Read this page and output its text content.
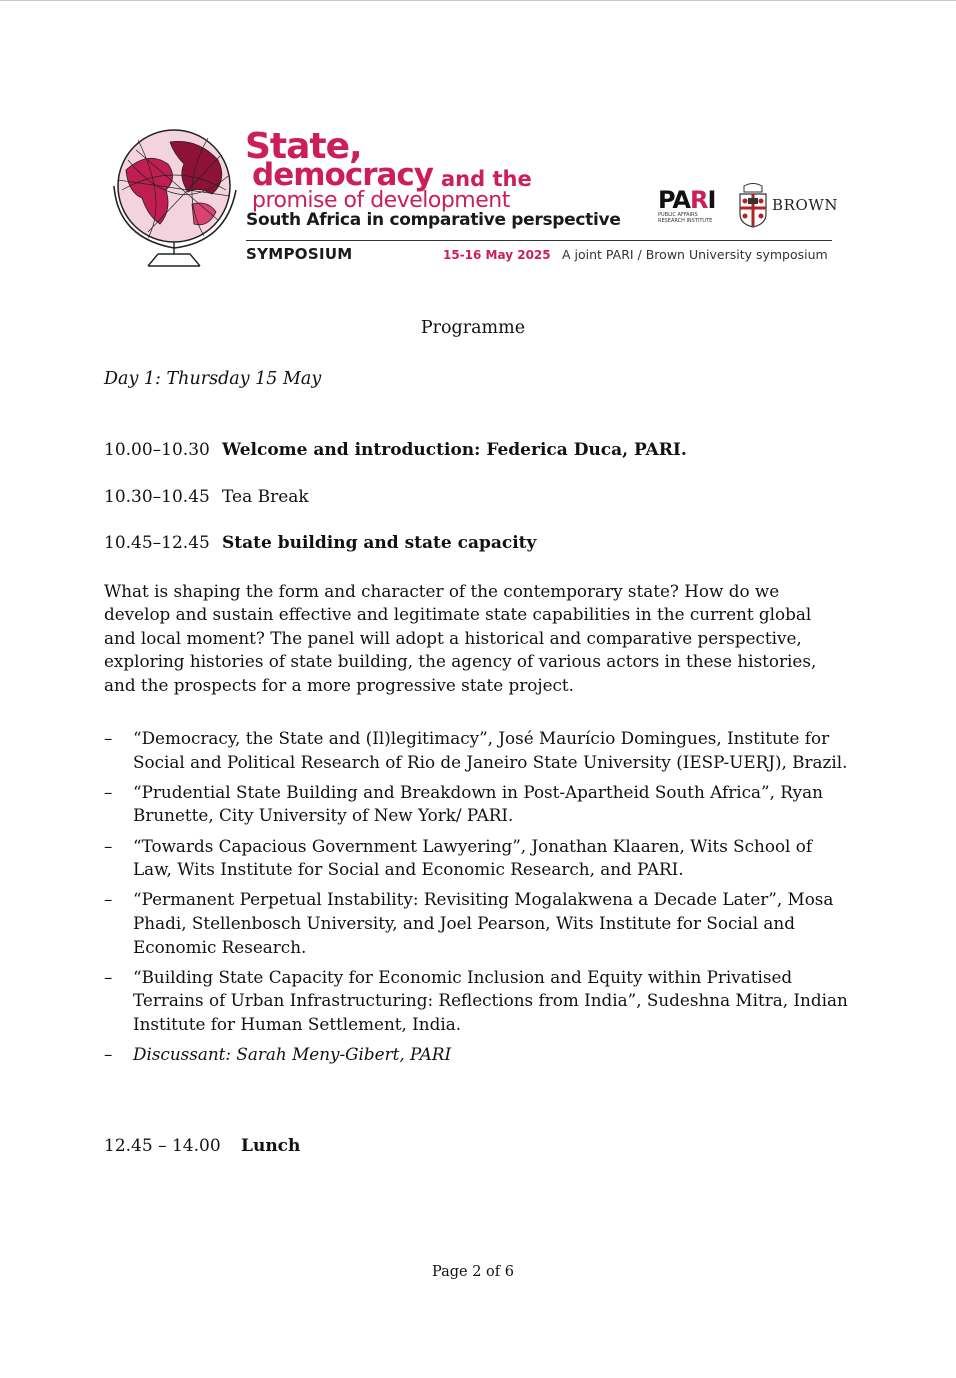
State,
democracy and the
promise of development
South Africa in comparative perspective
SYMPOSIUM	15-16 May 2025 A joint PARI / Brown University symposium
PARI
PUBLIC AFFAIRS RESEARCH INSTITUTE
BROWN
Programme
Day 1: Thursday 15 May
10.00–10.30 Welcome and introduction: Federica Duca, PARI.
10.30–10.45 Tea Break
10.45–12.45 State building and state capacity
What is shaping the form and character of the contemporary state? How do we develop and sustain effective and legitimate state capabilities in the current global and local moment? The panel will adopt a historical and comparative perspective, exploring histories of state building, the agency of various actors in these histories, and the prospects for a more progressive state project.
– “Democracy, the State and (Il)legitimacy”, José Maurício Domingues, Institute for Social and Political Research of Rio de Janeiro State University (IESP-UERJ), Brazil.
– “Prudential State Building and Breakdown in Post-Apartheid South Africa”, Ryan Brunette, City University of New York/ PARI.
– “Towards Capacious Government Lawyering”, Jonathan Klaaren, Wits School of Law, Wits Institute for Social and Economic Research, and PARI.
– “Permanent Perpetual Instability: Revisiting Mogalakwena a Decade Later”, Mosa Phadi, Stellenbosch University, and Joel Pearson, Wits Institute for Social and Economic Research.
– “Building State Capacity for Economic Inclusion and Equity within Privatised Terrains of Urban Infrastructuring: Reflections from India”, Sudeshna Mitra, Indian Institute for Human Settlement, India.
– Discussant: Sarah Meny-Gibert, PARI
12.45 – 14.00 Lunch
Page 2 of 6
